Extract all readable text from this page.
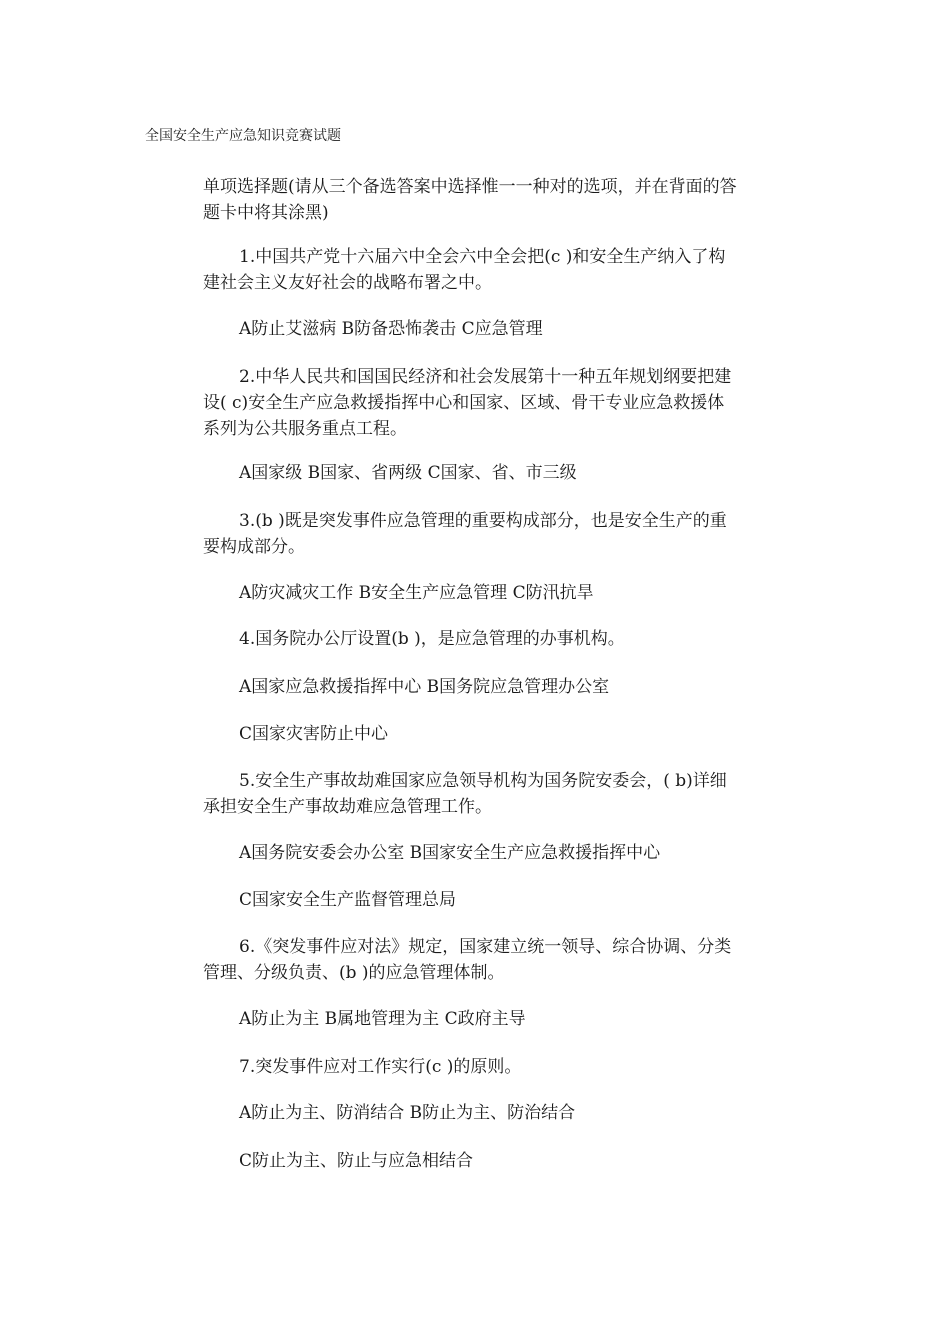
全国安全生产应急知识竞赛试题

单项选择题(请从三个备选答案中选择惟一一种对的选项，并在背面的答

题卡中将其涂黑)

1.中国共产党十六届六中全会六中全会把(c )和安全生产纳入了构

建社会主义友好社会的战略布署之中。

A防止艾滋病 B防备恐怖袭击 C应急管理

2.中华人民共和国国民经济和社会发展第十一种五年规划纲要把建

设( c)安全生产应急救援指挥中心和国家、区域、骨干专业应急救援体

系列为公共服务重点工程。

A国家级 B国家、省两级 C国家、省、市三级

3.(b )既是突发事件应急管理的重要构成部分，也是安全生产的重

要构成部分。

A防灾减灾工作 B安全生产应急管理 C防汛抗旱

4.国务院办公厅设置(b )，是应急管理的办事机构。

A国家应急救援指挥中心 B国务院应急管理办公室
C国家灾害防止中心

5.安全生产事故劫难国家应急领导机构为国务院安委会，( b)详细

承担安全生产事故劫难应急管理工作。

A国务院安委会办公室 B国家安全生产应急救援指挥中心
C国家安全生产监督管理总局

6.《突发事件应对法》规定，国家建立统一领导、综合协调、分类

管理、分级负责、(b )的应急管理体制。

A防止为主 B属地管理为主 C政府主导

7.突发事件应对工作实行(c )的原则。

A防止为主、防消结合 B防止为主、防治结合
C防止为主、防止与应急相结合
